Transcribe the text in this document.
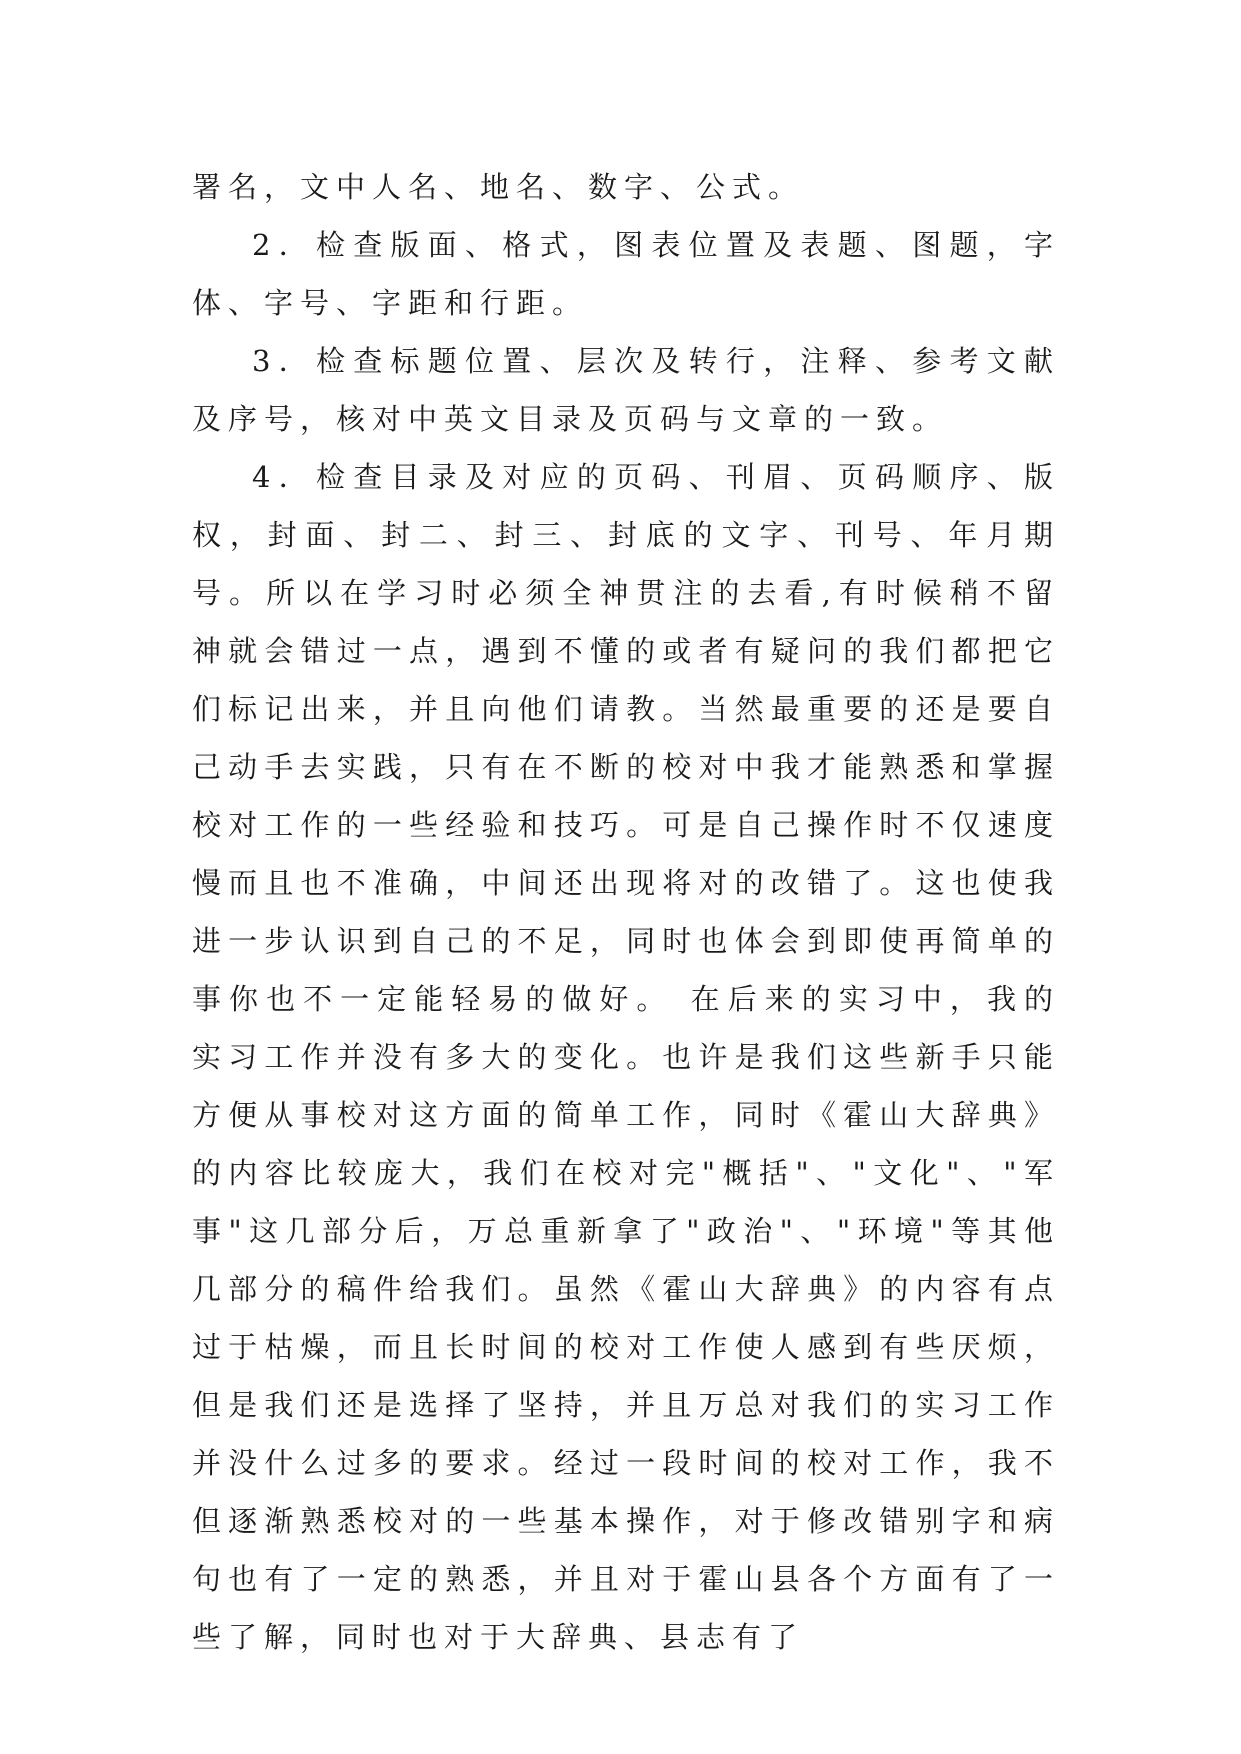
署名，文中人名、地名、数字、公式。

2．检查版面、格式，图表位置及表题、图题，字体、字号、字距和行距。

3．检查标题位置、层次及转行，注释、参考文献及序号，核对中英文目录及页码与文章的一致。

4．检查目录及对应的页码、刊眉、页码顺序、版权，封面、封二、封三、封底的文字、刊号、年月期号。所以在学习时必须全神贯注的去看,有时候稍不留神就会错过一点，遇到不懂的或者有疑问的我们都把它们标记出来，并且向他们请教。当然最重要的还是要自己动手去实践，只有在不断的校对中我才能熟悉和掌握校对工作的一些经验和技巧。可是自己操作时不仅速度慢而且也不准确，中间还出现将对的改错了。这也使我进一步认识到自己的不足，同时也体会到即使再简单的事你也不一定能轻易的做好。 在后来的实习中，我的实习工作并没有多大的变化。也许是我们这些新手只能方便从事校对这方面的简单工作，同时《霍山大辞典》的内容比较庞大，我们在校对完"概括"、"文化"、"军事"这几部分后，万总重新拿了"政治"、"环境"等其他几部分的稿件给我们。虽然《霍山大辞典》的内容有点过于枯燥，而且长时间的校对工作使人感到有些厌烦，但是我们还是选择了坚持，并且万总对我们的实习工作并没什么过多的要求。经过一段时间的校对工作，我不但逐渐熟悉校对的一些基本操作，对于修改错别字和病句也有了一定的熟悉，并且对于霍山县各个方面有了一些了解，同时也对于大辞典、县志有了
